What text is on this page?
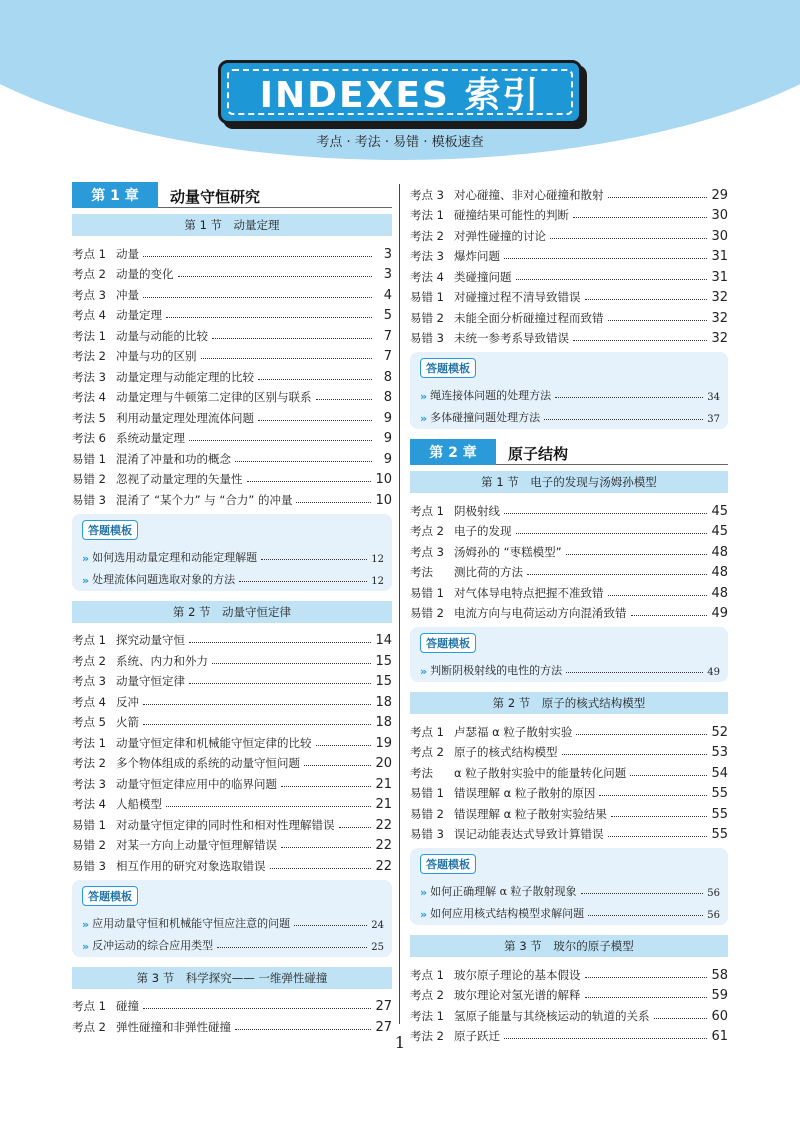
INDEXES 索引
考点 · 考法 · 易错 · 模板速查
第 1 章	动量守恒研究
第 1 节　动量定理
考点 1 动量	3
考点 2 动量的变化	3
考点 3 冲量	4
考点 4 动量定理	5
考法 1 动量与动能的比较	7
考法 2 冲量与功的区别	7
考法 3 动量定理与动能定理的比较	8
考法 4 动量定理与牛顿第二定律的区别与联系	8
考法 5 利用动量定理处理流体问题	9
考法 6 系统动量定理	9
易错 1 混淆了冲量和功的概念	9
易错 2 忽视了动量定理的矢量性	10
易错 3 混淆了 “某个力” 与 “合力” 的冲量	10
答题模板
» 如何选用动量定理和动能定理解题	12
» 处理流体问题选取对象的方法	12
第 2 节　动量守恒定律
考点 1 探究动量守恒	14
考点 2 系统、内力和外力	15
考点 3 动量守恒定律	15
考点 4 反冲	18
考点 5 火箭	18
考法 1 动量守恒定律和机械能守恒定律的比较	19
考法 2 多个物体组成的系统的动量守恒问题	20
考法 3 动量守恒定律应用中的临界问题	21
考法 4 人船模型	21
易错 1 对动量守恒定律的同时性和相对性理解错误	22
易错 2 对某一方向上动量守恒理解错误	22
易错 3 相互作用的研究对象选取错误	22
答题模板
» 应用动量守恒和机械能守恒应注意的问题	24
» 反冲运动的综合应用类型	25
第 3 节　科学探究—— 一维弹性碰撞
考点 1 碰撞	27
考点 2 弹性碰撞和非弹性碰撞	27
考点 3 对心碰撞、非对心碰撞和散射	29
考法 1 碰撞结果可能性的判断	30
考法 2 对弹性碰撞的讨论	30
考法 3 爆炸问题	31
考法 4 类碰撞问题	31
易错 1 对碰撞过程不清导致错误	32
易错 2 未能全面分析碰撞过程而致错	32
易错 3 未统一参考系导致错误	32
答题模板
» 绳连接体问题的处理方法	34
» 多体碰撞问题处理方法	37
第 2 章	原子结构
第 1 节　电子的发现与汤姆孙模型
考点 1 阴极射线	45
考点 2 电子的发现	45
考点 3 汤姆孙的 “枣糕模型”	48
考法	测比荷的方法	48
易错 1 对气体导电特点把握不准致错	48
易错 2 电流方向与电荷运动方向混淆致错	49
答题模板
» 判断阴极射线的电性的方法	49
第 2 节　原子的核式结构模型
考点 1 卢瑟福 α 粒子散射实验	52
考点 2 原子的核式结构模型	53
考法	α 粒子散射实验中的能量转化问题	54
易错 1 错误理解 α 粒子散射的原因	55
易错 2 错误理解 α 粒子散射实验结果	55
易错 3 误记动能表达式导致计算错误	55
答题模板
» 如何正确理解 α 粒子散射现象	56
» 如何应用核式结构模型求解问题	56
第 3 节　玻尔的原子模型
考点 1 玻尔原子理论的基本假设	58
考点 2 玻尔理论对氢光谱的解释	59
考法 1 氢原子能量与其绕核运动的轨道的关系	60
考法 2 原子跃迁	61
1
